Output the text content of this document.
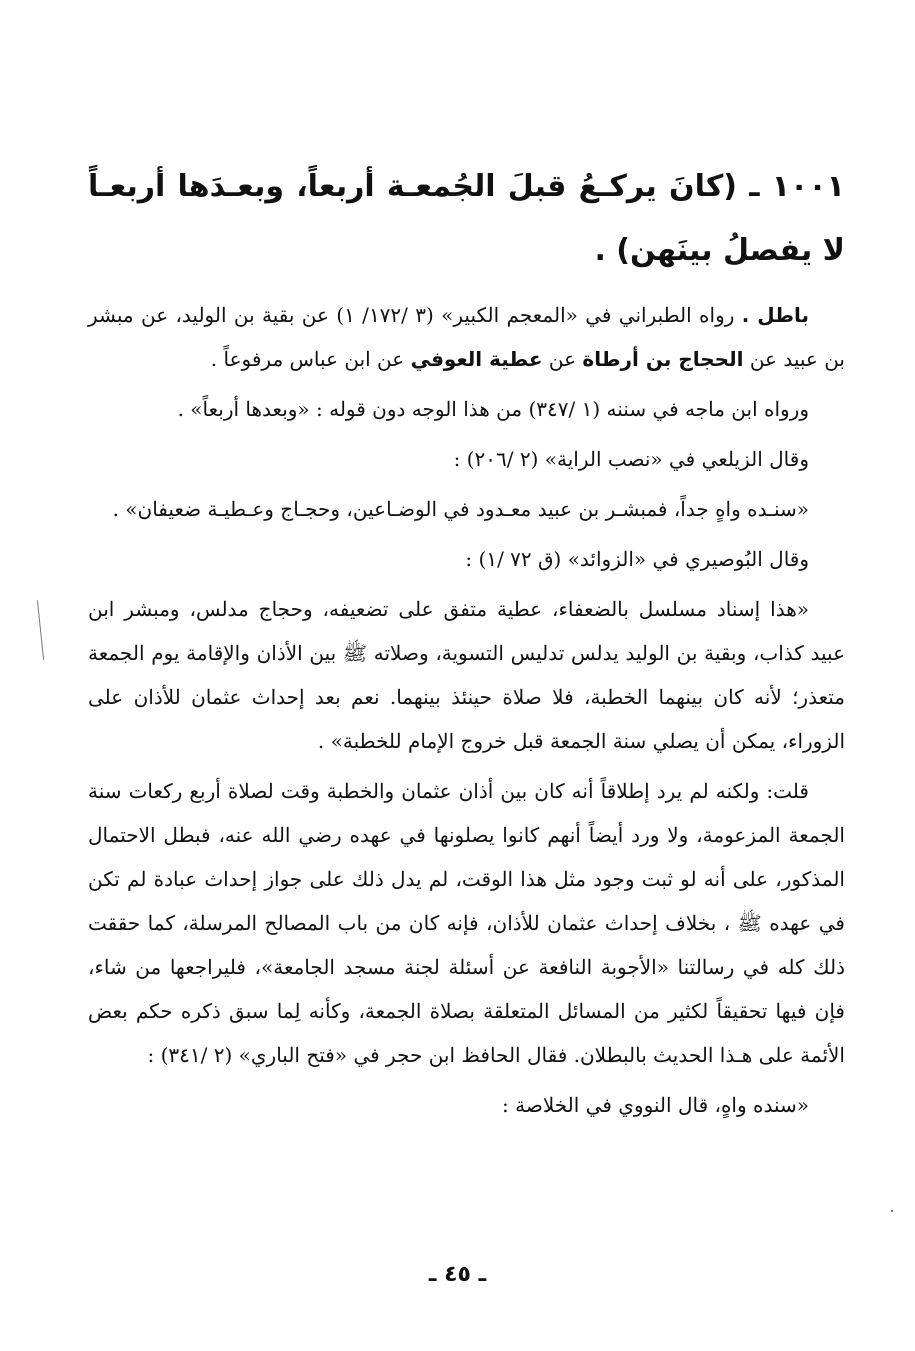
١٠٠١ ـ (كانَ يركـعُ قبلَ الجُمعـة أربعاً، وبعـدَها أربعـاً لا يفصلُ بينَهن) .

باطل . رواه الطبراني في «المعجم الكبير» (٣ /١٧٢/ ١) عن بقية بن الوليد، عن مبشر بن عبيد عن الحجاج بن أرطاة عن عطية العوفي عن ابن عباس مرفوعاً .

ورواه ابن ماجه في سننه (١ /٣٤٧) من هذا الوجه دون قوله : «وبعدها أربعاً» .

وقال الزيلعي في «نصب الراية» (٢ /٢٠٦) :

«سنـده واهٍ جداً، فمبشـر بن عبيد معـدود في الوضـاعين، وحجـاج وعـطيـة ضعيفان» .

وقال البُوصيري في «الزوائد» (ق ٧٢ /١) :

«هذا إسناد مسلسل بالضعفاء، عطية متفق على تضعيفه، وحجاج مدلس، ومبشر ابن عبيد كذاب، وبقية بن الوليد يدلس تدليس التسوية، وصلاته ﷺ بين الأذان والإقامة يوم الجمعة متعذر؛ لأنه كان بينهما الخطبة، فلا صلاة حينئذ بينهما. نعم بعد إحداث عثمان للأذان على الزوراء، يمكن أن يصلي سنة الجمعة قبل خروج الإمام للخطبة» .

قلت: ولكنه لم يرد إطلاقاً أنه كان بين أذان عثمان والخطبة وقت لصلاة أربع ركعات سنة الجمعة المزعومة، ولا ورد أيضاً أنهم كانوا يصلونها في عهده رضي الله عنه، فبطل الاحتمال المذكور، على أنه لو ثبت وجود مثل هذا الوقت، لم يدل ذلك على جواز إحداث عبادة لم تكن في عهده ﷺ ، بخلاف إحداث عثمان للأذان، فإنه كان من باب المصالح المرسلة، كما حققت ذلك كله في رسالتنا «الأجوبة النافعة عن أسئلة لجنة مسجد الجامعة»، فليراجعها من شاء، فإن فيها تحقيقاً لكثير من المسائل المتعلقة بصلاة الجمعة، وكأنه لِما سبق ذكره حكم بعض الأئمة على هـذا الحديث بالبطلان. فقال الحافظ ابن حجر في «فتح الباري» (٢ /٣٤١) :

«سنده واهٍ، قال النووي في الخلاصة :

ـ ٤٥ ـ
